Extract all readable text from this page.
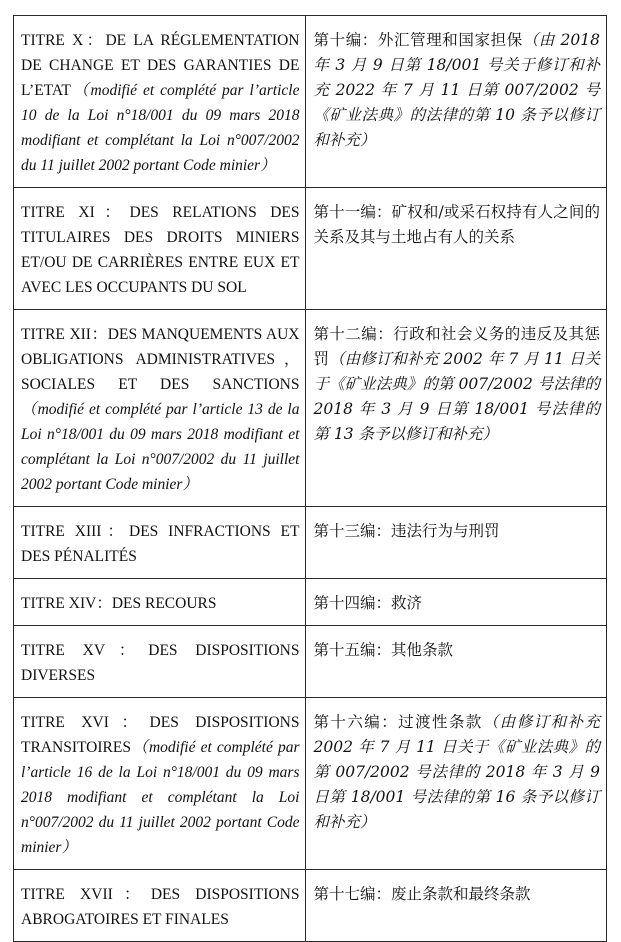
TITRE X：DE LA RÉGLEMENTATION DE CHANGE ET DES GARANTIES DE L’ETAT（modifié et complété par l’article 10 de la Loi n°18/001 du 09 mars 2018 modifiant et complétant la Loi n°007/2002 du 11 juillet 2002 portant Code minier）	第十编：外汇管理和国家担保（由 2018 年 3 月 9 日第 18/001 号关于修订和补充 2022 年 7 月 11 日第 007/2002 号《矿业法典》的法律的第 10 条予以修订和补充）
TITRE XI：DES RELATIONS DES TITULAIRES DES DROITS MINIERS ET/OU DE CARRIÈRES ENTRE EUX ET AVEC LES OCCUPANTS DU SOL	第十一编：矿权和/或采石权持有人之间的关系及其与土地占有人的关系
TITRE XII：DES MANQUEMENTS AUX OBLIGATIONS ADMINISTRATIVES，SOCIALES ET DES SANCTIONS（modifié et complété par l’article 13 de la Loi n°18/001 du 09 mars 2018 modifiant et complétant la Loi n°007/2002 du 11 juillet 2002 portant Code minier）	第十二编：行政和社会义务的违反及其惩罚（由修订和补充 2002 年 7 月 11 日关于《矿业法典》的第 007/2002 号法律的 2018 年 3 月 9 日第 18/001 号法律的第 13 条予以修订和补充）
TITRE XIII：DES INFRACTIONS ET DES PÉNALITÉS	第十三编：违法行为与刑罚
TITRE XIV：DES RECOURS	第十四编：救济
TITRE XV：DES DISPOSITIONS DIVERSES	第十五编：其他条款
TITRE XVI：DES DISPOSITIONS TRANSITOIRES（modifié et complété par l’article 16 de la Loi n°18/001 du 09 mars 2018 modifiant et complétant la Loi n°007/2002 du 11 juillet 2002 portant Code minier）	第十六编：过渡性条款（由修订和补充 2002 年 7 月 11 日关于《矿业法典》的第 007/2002 号法律的 2018 年 3 月 9 日第 18/001 号法律的第 16 条予以修订和补充）
TITRE XVII：DES DISPOSITIONS ABROGATOIRES ET FINALES	第十七编：废止条款和最终条款
